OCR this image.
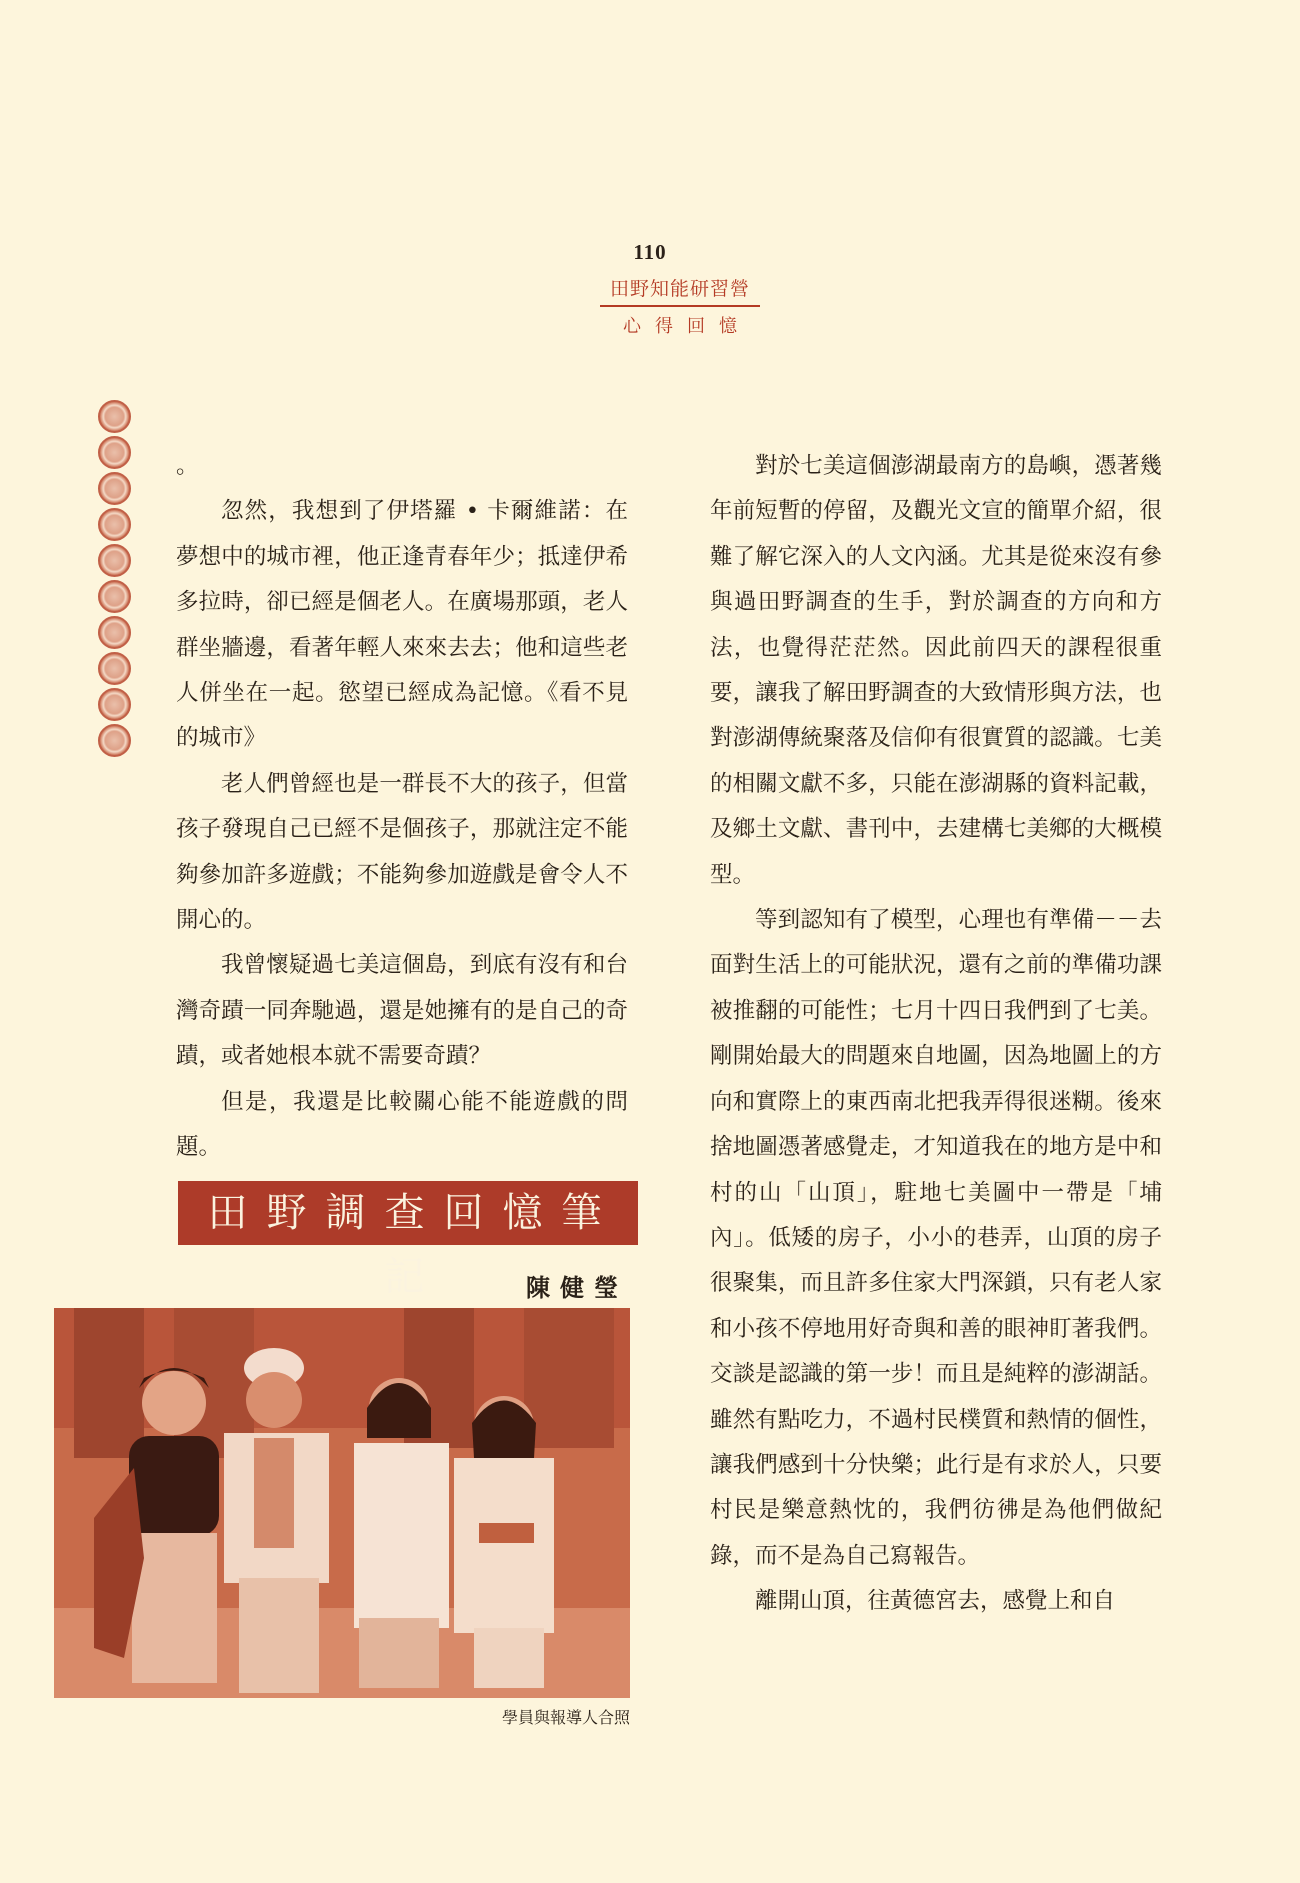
110
田野知能研習營
心得回憶
。

忽然，我想到了伊塔羅 • 卡爾維諾：在夢想中的城市裡，他正逢青春年少；抵達伊希多拉時，卻已經是個老人。在廣場那頭，老人群坐牆邊，看著年輕人來來去去；他和這些老人併坐在一起。慾望已經成為記憶。《看不見的城市》

老人們曾經也是一群長不大的孩子，但當孩子發現自己已經不是個孩子，那就注定不能夠參加許多遊戲；不能夠參加遊戲是會令人不開心的。

我曾懷疑過七美這個島，到底有沒有和台灣奇蹟一同奔馳過，還是她擁有的是自己的奇蹟，或者她根本就不需要奇蹟？

但是，我還是比較關心能不能遊戲的問題。

田野調查回憶筆記	陳健瑩
學員與報導人合照

對於七美這個澎湖最南方的島嶼，憑著幾年前短暫的停留，及觀光文宣的簡單介紹，很難了解它深入的人文內涵。尤其是從來沒有參與過田野調查的生手，對於調查的方向和方法，也覺得茫茫然。因此前四天的課程很重要，讓我了解田野調查的大致情形與方法，也對澎湖傳統聚落及信仰有很實質的認識。七美的相關文獻不多，只能在澎湖縣的資料記載，及鄉土文獻、書刊中，去建構七美鄉的大概模型。

等到認知有了模型，心理也有準備－－去面對生活上的可能狀況，還有之前的準備功課被推翻的可能性；七月十四日我們到了七美。剛開始最大的問題來自地圖，因為地圖上的方向和實際上的東西南北把我弄得很迷糊。後來捨地圖憑著感覺走，才知道我在的地方是中和村的山「山頂」，駐地七美圖中一帶是「埔內」。低矮的房子，小小的巷弄，山頂的房子很聚集，而且許多住家大門深鎖，只有老人家和小孩不停地用好奇與和善的眼神盯著我們。交談是認識的第一步！而且是純粹的澎湖話。雖然有點吃力，不過村民樸質和熱情的個性，讓我們感到十分快樂；此行是有求於人，只要村民是樂意熱忱的，我們彷彿是為他們做紀錄，而不是為自己寫報告。

離開山頂，往黃德宮去，感覺上和自
